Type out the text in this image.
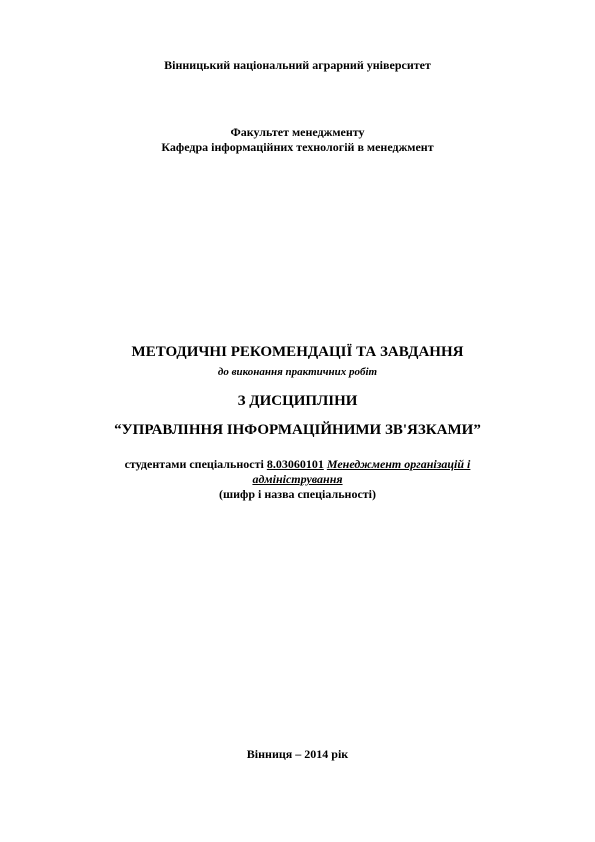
Вінницький національний аграрний університет
Факультет менеджменту
Кафедра інформаційних технологій в менеджмент
МЕТОДИЧНІ РЕКОМЕНДАЦІЇ ТА ЗАВДАННЯ
до виконання практичних робіт
З ДИСЦИПЛІНИ
“УПРАВЛІННЯ ІНФОРМАЦІЙНИМИ ЗВ'ЯЗКАМИ”
студентами спеціальності 8.03060101 Менеджмент організацій і
адміністрування
(шифр і назва спеціальності)
Вінниця – 2014 рік
